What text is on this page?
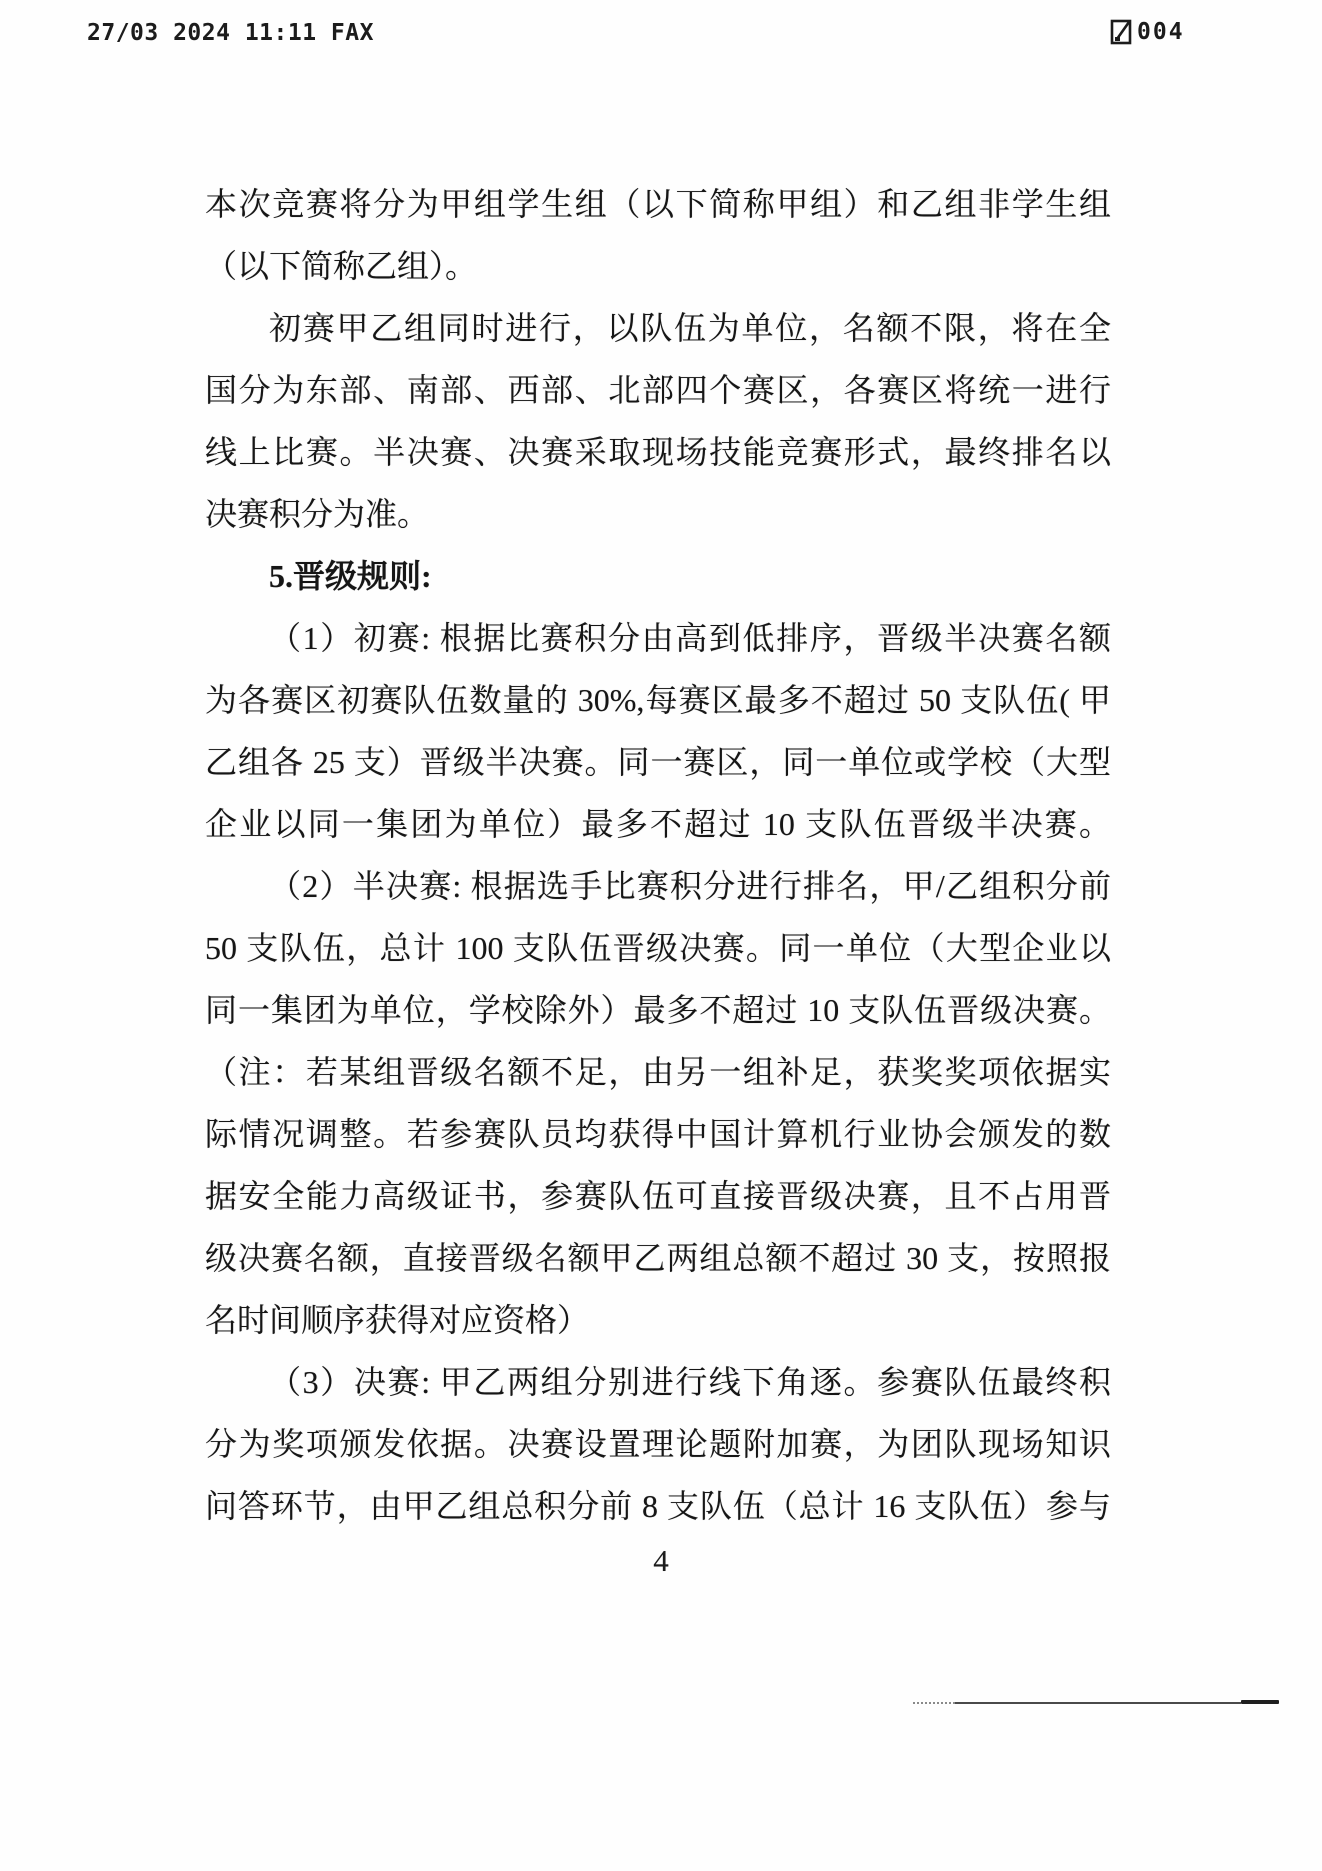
27/03 2024 11:11 FAX	004
本次竞赛将分为甲组学生组（以下简称甲组）和乙组非学生组
（以下简称乙组）。
初赛甲乙组同时进行，以队伍为单位，名额不限，将在全
国分为东部、南部、西部、北部四个赛区，各赛区将统一进行
线上比赛。半决赛、决赛采取现场技能竞赛形式，最终排名以
决赛积分为准。
5.晋级规则:
（1）初赛: 根据比赛积分由高到低排序，晋级半决赛名额
为各赛区初赛队伍数量的 30%,每赛区最多不超过 50 支队伍( 甲
乙组各 25 支）晋级半决赛。同一赛区，同一单位或学校（大型
企业以同一集团为单位）最多不超过 10 支队伍晋级半决赛。
（2）半决赛: 根据选手比赛积分进行排名，甲/乙组积分前
50 支队伍，总计 100 支队伍晋级决赛。同一单位（大型企业以
同一集团为单位，学校除外）最多不超过 10 支队伍晋级决赛。
（注：若某组晋级名额不足，由另一组补足，获奖奖项依据实
际情况调整。若参赛队员均获得中国计算机行业协会颁发的数
据安全能力高级证书，参赛队伍可直接晋级决赛，且不占用晋
级决赛名额，直接晋级名额甲乙两组总额不超过 30 支，按照报
名时间顺序获得对应资格）
（3）决赛: 甲乙两组分别进行线下角逐。参赛队伍最终积
分为奖项颁发依据。决赛设置理论题附加赛，为团队现场知识
问答环节，由甲乙组总积分前 8 支队伍（总计 16 支队伍）参与
4
